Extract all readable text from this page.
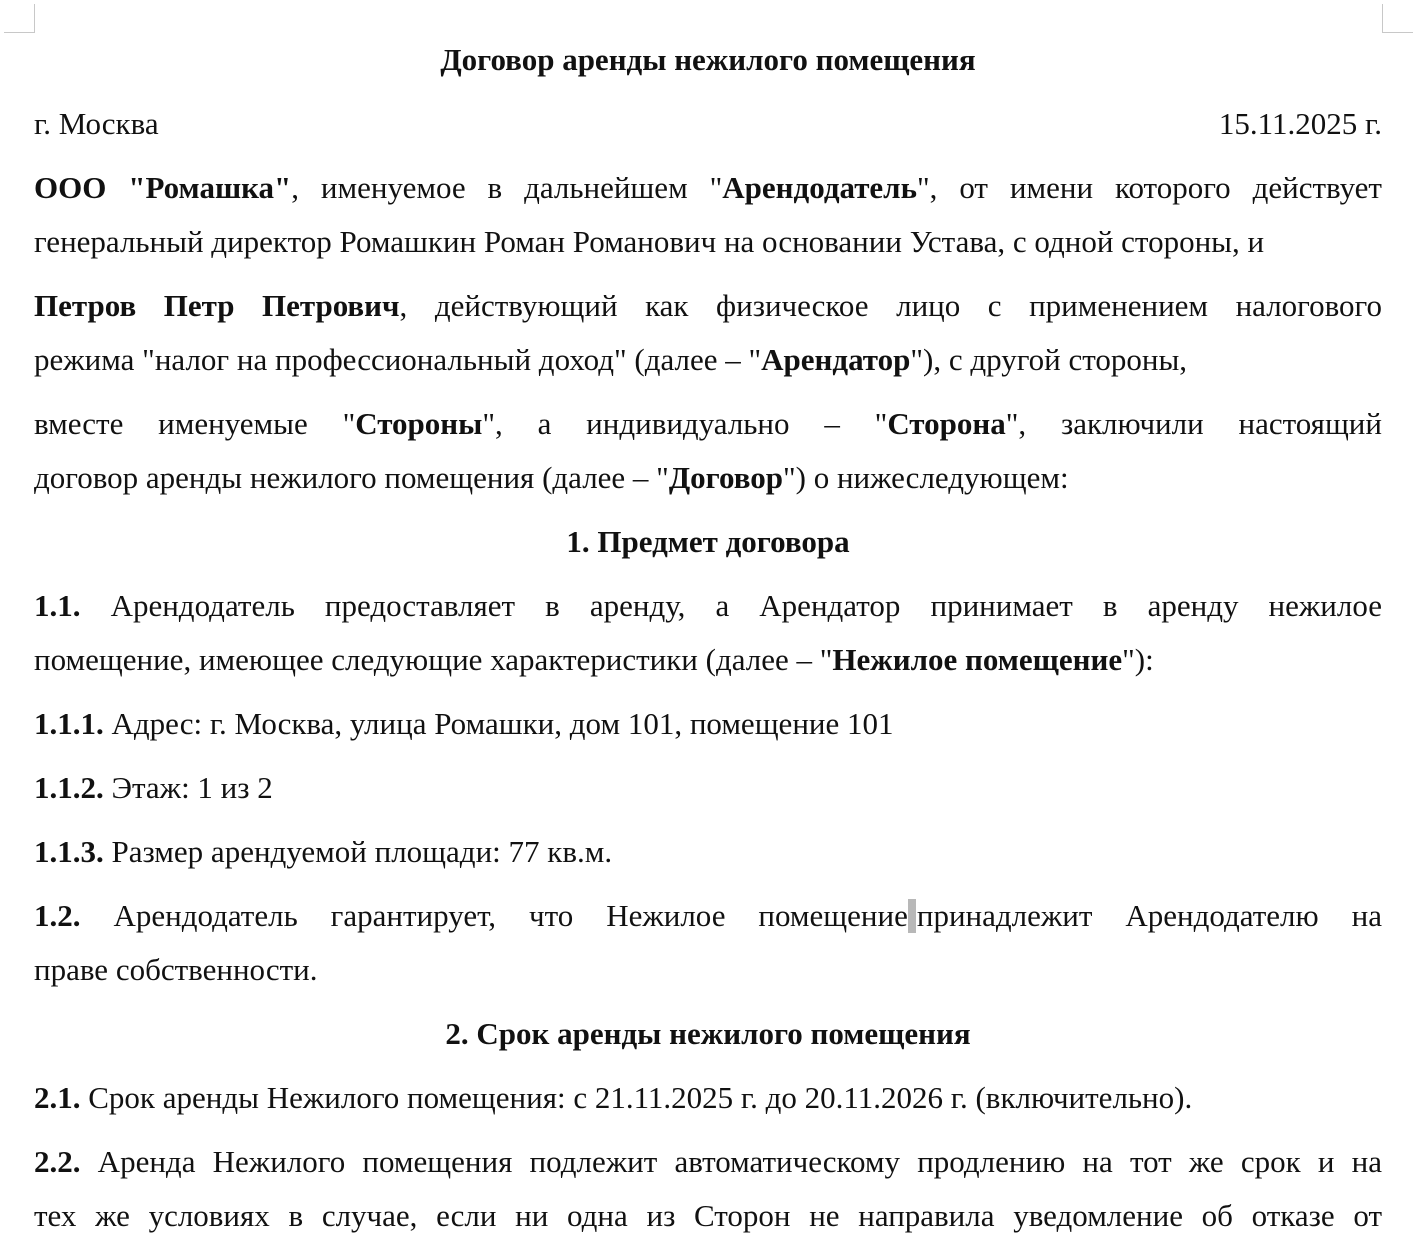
Договор аренды нежилого помещения
г. Москва	15.11.2025 г.
ООО "Ромашка", именуемое в дальнейшем "Арендодатель", от имени которого действует
генеральный директор Ромашкин Роман Романович на основании Устава, с одной стороны, и
Петров Петр Петрович, действующий как физическое лицо с применением налогового
режима "налог на профессиональный доход" (далее – "Арендатор"), с другой стороны,
вместе именуемые "Стороны", а индивидуально – "Сторона", заключили настоящий
договор аренды нежилого помещения (далее – "Договор") о нижеследующем:
1. Предмет договора
1.1. Арендодатель предоставляет в аренду, а Арендатор принимает в аренду нежилое
помещение, имеющее следующие характеристики (далее – "Нежилое помещение"):
1.1.1. Адрес: г. Москва, улица Ромашки, дом 101, помещение 101
1.1.2. Этаж: 1 из 2
1.1.3. Размер арендуемой площади: 77 кв.м.
1.2. Арендодатель гарантирует, что Нежилое помещение принадлежит Арендодателю на
праве собственности.
2. Срок аренды нежилого помещения
2.1. Срок аренды Нежилого помещения: с 21.11.2025 г. до 20.11.2026 г. (включительно).
2.2. Аренда Нежилого помещения подлежит автоматическому продлению на тот же срок и на
тех же условиях в случае, если ни одна из Сторон не направила уведомление об отказе от
